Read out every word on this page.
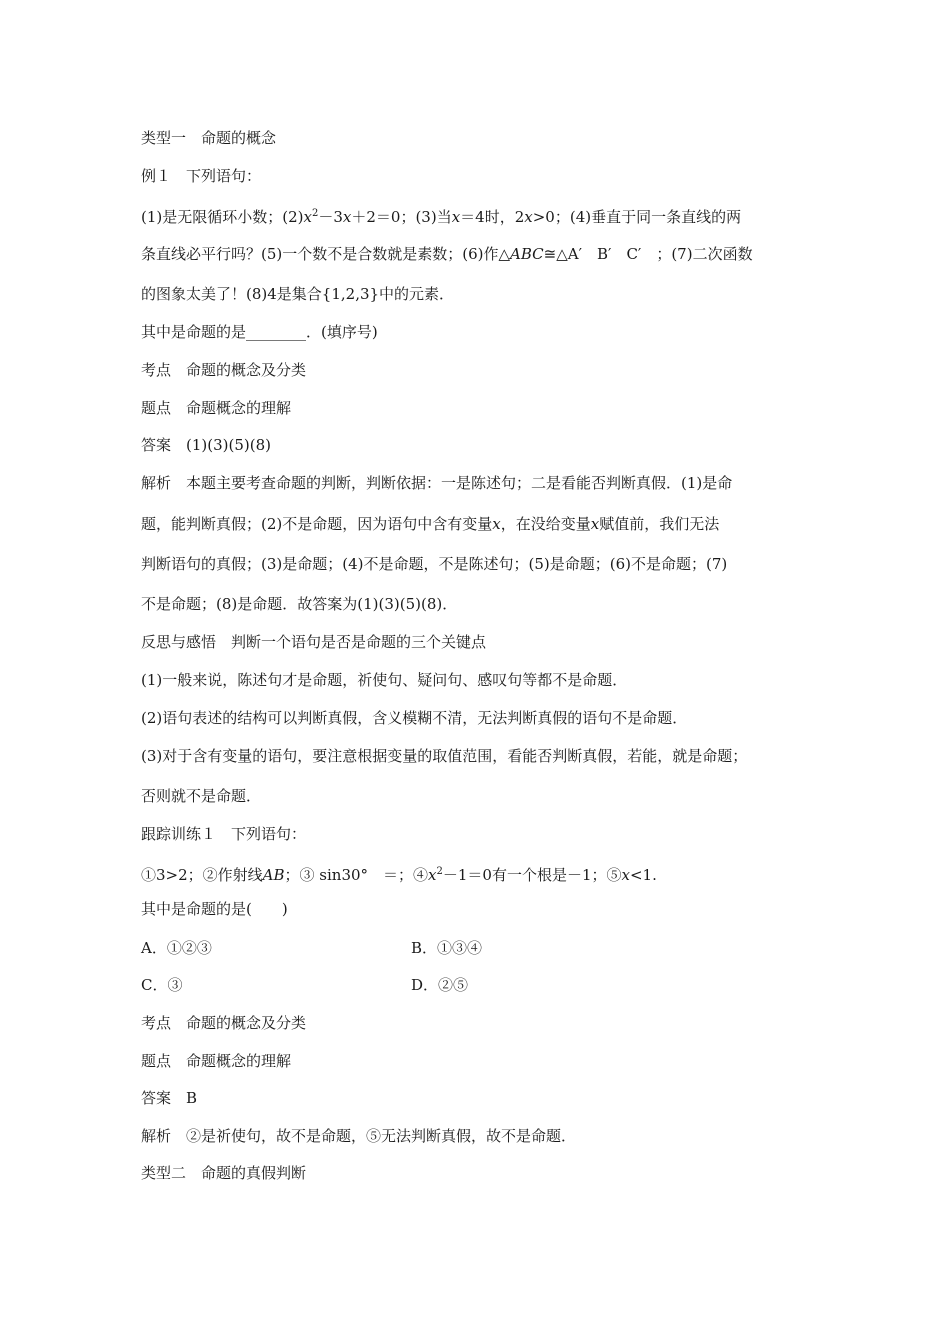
类型一　命题的概念
例１　下列语句：
(1)是无限循环小数；$(2)x^2-3x+2=0$；(3)当x＝4时，2x>0；(4)垂直于同一条直线的两
条直线必平行吗？(5)一个数不是合数就是素数；(6)作△ABC≅△A′　B′　C′　；(7)二次函数
的图象太美了！(8)4是集合{1,2,3}中的元素．
其中是命题的是________．(填序号)
考点　命题的概念及分类
题点　命题概念的理解
答案　(1)(3)(5)(8)
解析　本题主要考查命题的判断，判断依据：一是陈述句；二是看能否判断真假．(1)是命
题，能判断真假；(2)不是命题，因为语句中含有变量x，在没给变量x赋值前，我们无法
判断语句的真假；(3)是命题；(4)不是命题，不是陈述句；(5)是命题；(6)不是命题；(7)
不是命题；(8)是命题．故答案为(1)(3)(5)(8)．
反思与感悟　判断一个语句是否是命题的三个关键点
(1)一般来说，陈述句才是命题，祈使句、疑问句、感叹句等都不是命题．
(2)语句表述的结构可以判断真假，含义模糊不清，无法判断真假的语句不是命题．
(3)对于含有变量的语句，要注意根据变量的取值范围，看能否判断真假，若能，就是命题；
否则就不是命题．
跟踪训练１　下列语句：
①3>2；②作射线AB；③ sin30°　＝；$④x^2-1=0$有一个根是－1；⑤x<1.
其中是命题的是(　　)
A．①②③	B．①③④
C．③	D．②⑤
考点　命题的概念及分类
题点　命题概念的理解
答案　B
解析　②是祈使句，故不是命题，⑤无法判断真假，故不是命题．
类型二　命题的真假判断
